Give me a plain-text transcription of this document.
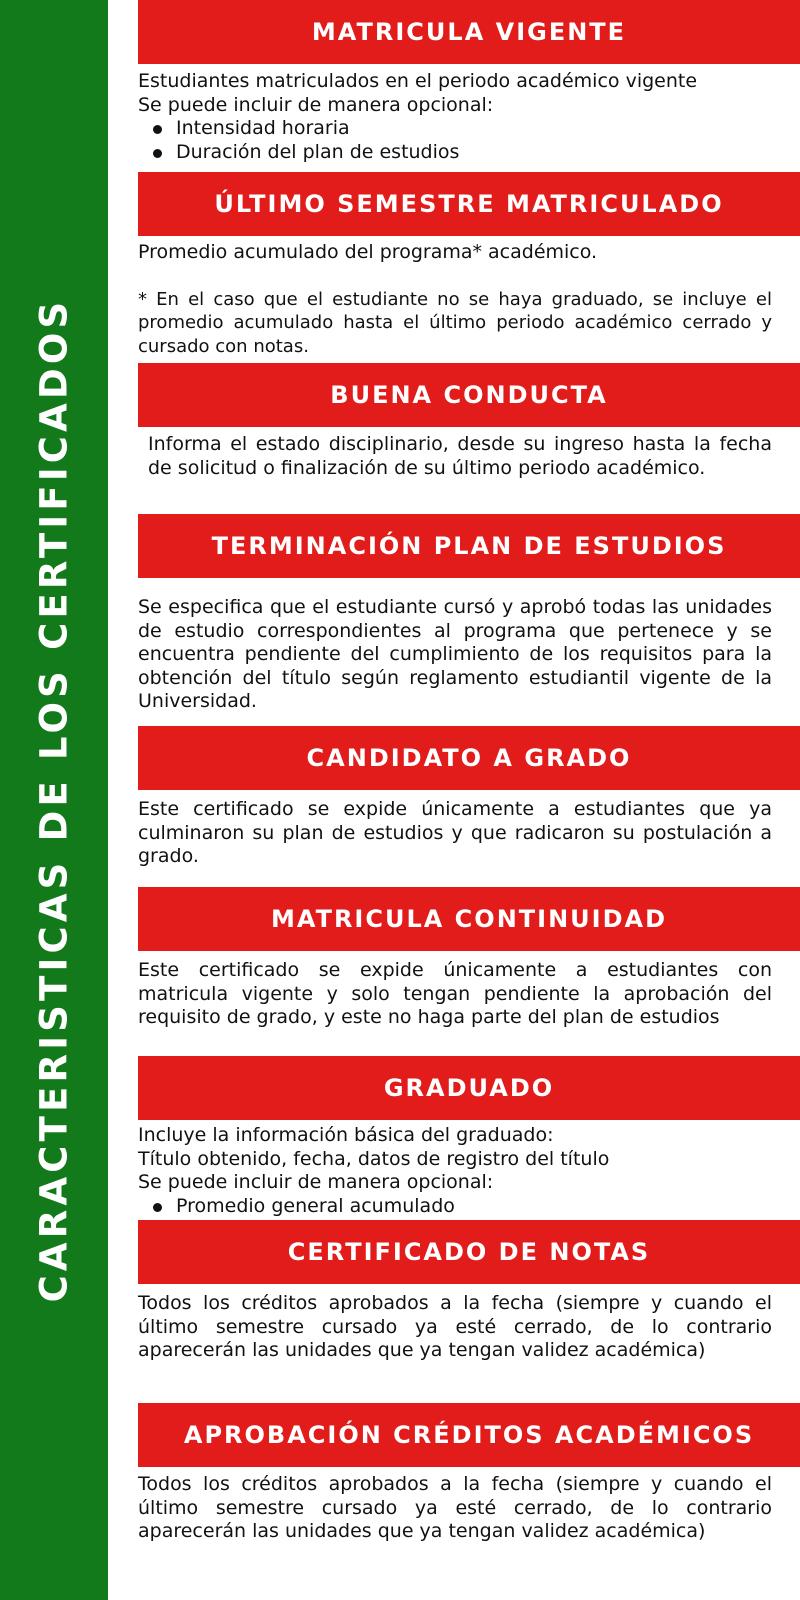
CARACTERISTICAS DE LOS CERTIFICADOS
MATRICULA VIGENTE

Estudiantes matriculados en el periodo académico vigente

Se puede incluir de manera opcional:

Intensidad horaria
Duración del plan de estudios
ÚLTIMO SEMESTRE MATRICULADO

Promedio acumulado del programa* académico.

* En el caso que el estudiante no se haya graduado, se incluye el promedio acumulado hasta el último periodo académico cerrado y cursado con notas.

BUENA CONDUCTA

Informa el estado disciplinario, desde su ingreso hasta la fecha de solicitud o finalización de su último periodo académico.

TERMINACIÓN PLAN DE ESTUDIOS

Se especifica que el estudiante cursó y aprobó todas las unidades de estudio correspondientes al programa que pertenece y se encuentra pendiente del cumplimiento de los requisitos para la obtención del título según reglamento estudiantil vigente de la Universidad.

CANDIDATO A GRADO

Este certificado se expide únicamente a estudiantes que ya culminaron su plan de estudios y que radicaron su postulación a grado.

MATRICULA CONTINUIDAD

Este certificado se expide únicamente a estudiantes con matricula vigente y solo tengan pendiente la aprobación del requisito de grado, y este no haga parte del plan de estudios

GRADUADO

Incluye la información básica del graduado:

Título obtenido, fecha, datos de registro del título

Se puede incluir de manera opcional:

Promedio general acumulado
CERTIFICADO DE NOTAS

Todos los créditos aprobados a la fecha (siempre y cuando el último semestre cursado ya esté cerrado, de lo contrario aparecerán las unidades que ya tengan validez académica)

APROBACIÓN CRÉDITOS ACADÉMICOS

Todos los créditos aprobados a la fecha (siempre y cuando el último semestre cursado ya esté cerrado, de lo contrario aparecerán las unidades que ya tengan validez académica)
